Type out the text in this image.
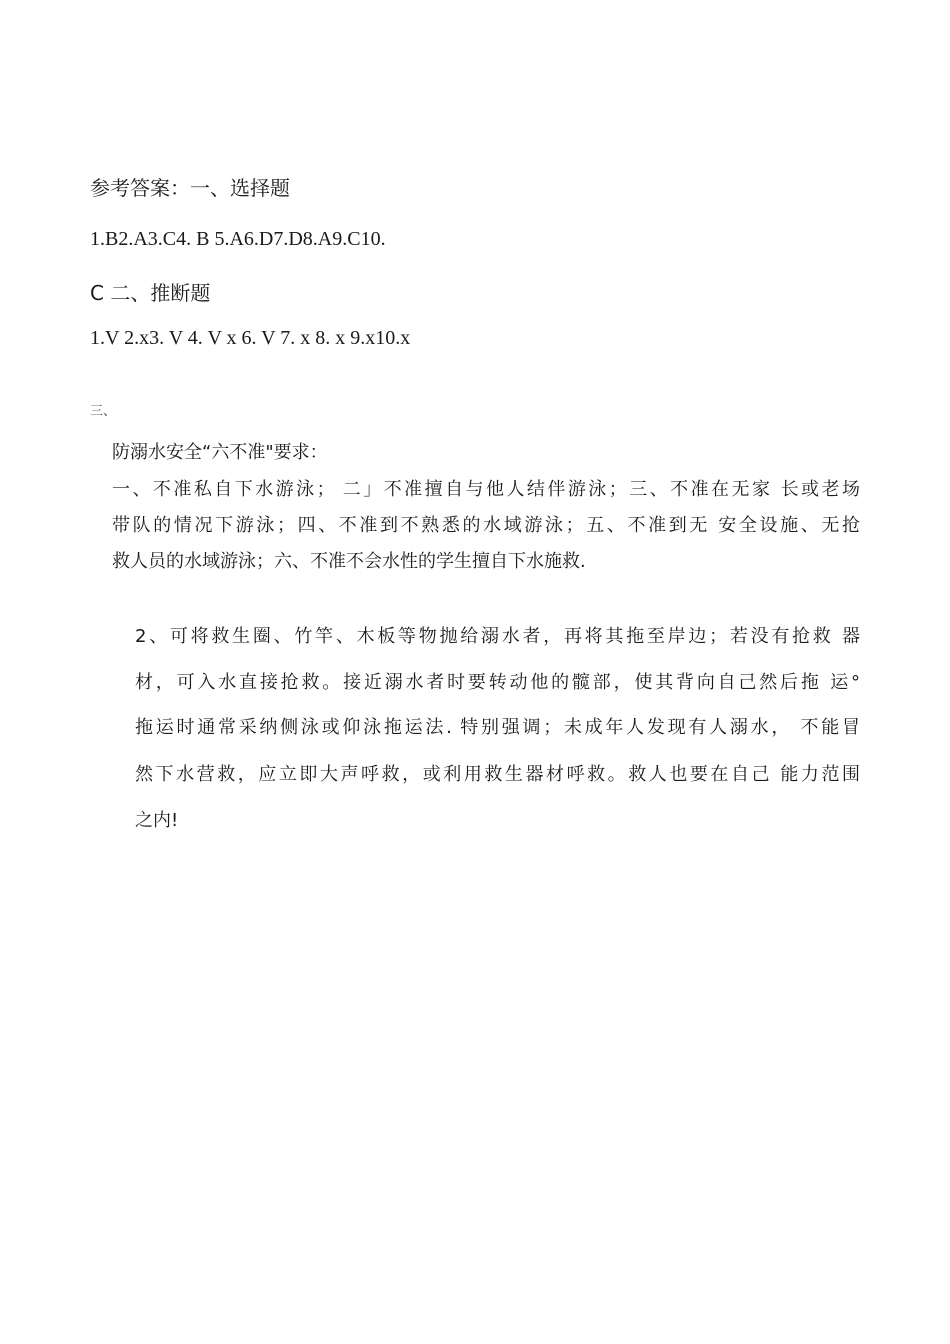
参考答案：一、选择题

1.B2.A3.C4. B 5.A6.D7.D8.A9.C10.

C 二、推断题

1.V 2.x3. V 4. V x 6. V 7. x 8. x 9.x10.x

三、

防溺水安全“六不准"要求：

一、不准私自下水游泳； 二」不准擅自与他人结伴游泳；三、不准在无家 长或老场

带队的情况下游泳；四、不准到不熟悉的水域游泳；五、不准到无 安全设施、无抢

救人员的水域游泳；六、不准不会水性的学生擅自下水施救.

2、可将救生圈、竹竿、木板等物抛给溺水者，再将其拖至岸边；若没有抢救 器

材，可入水直接抢救。接近溺水者时要转动他的髋部，使其背向自己然后拖 运°

拖运时通常采纳侧泳或仰泳拖运法. 特别强调；未成年人发现有人溺水， 不能冒

然下水营救，应立即大声呼救，或利用救生器材呼救。救人也要在自己 能力范围

之内!
